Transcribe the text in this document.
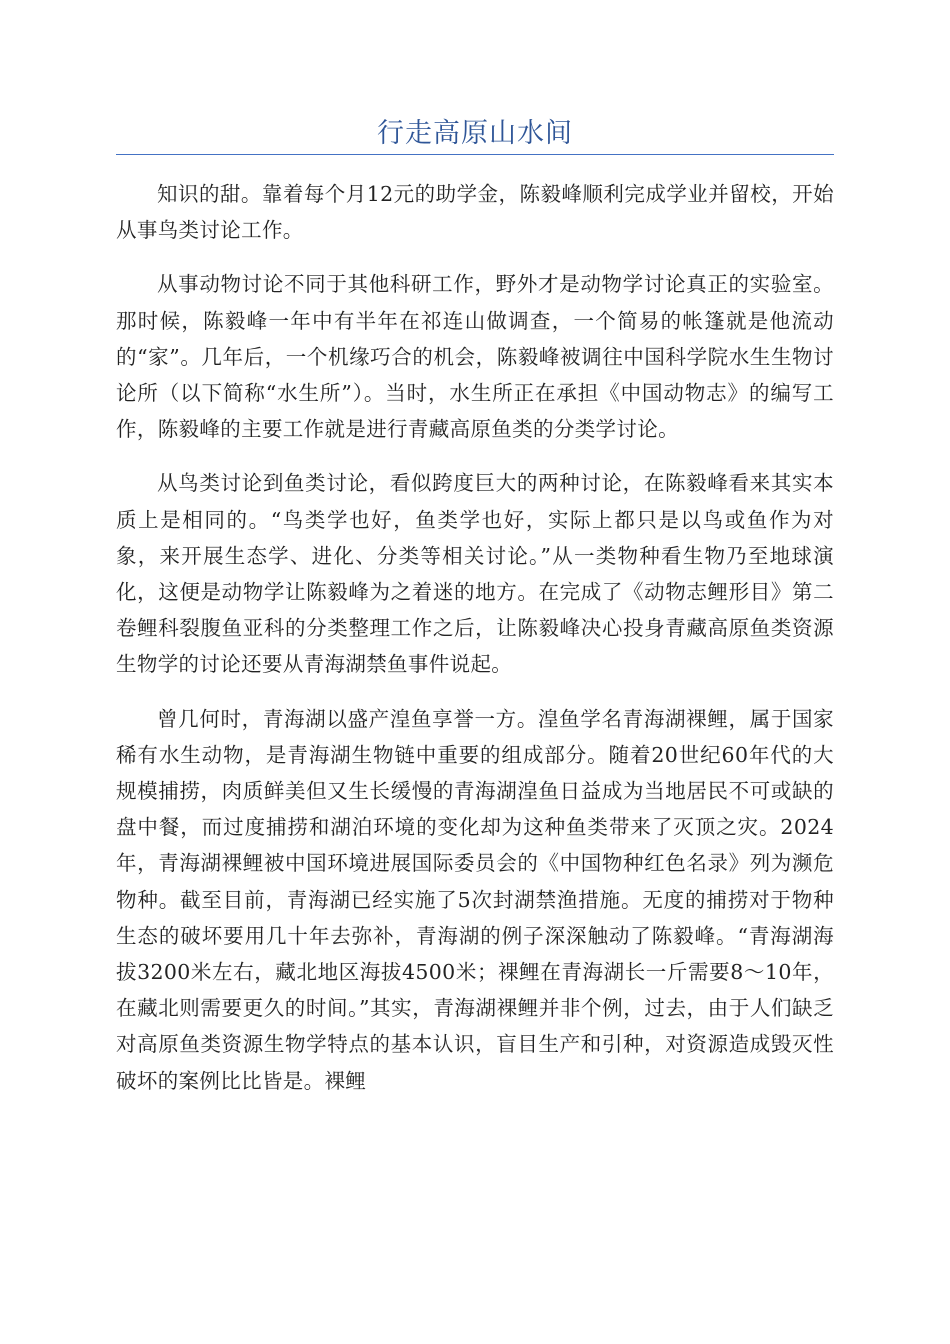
行走高原山水间

知识的甜。靠着每个月12元的助学金，陈毅峰顺利完成学业并留校，开始从事鸟类讨论工作。

从事动物讨论不同于其他科研工作，野外才是动物学讨论真正的实验室。那时候，陈毅峰一年中有半年在祁连山做调查，一个简易的帐篷就是他流动的“家”。几年后，一个机缘巧合的机会，陈毅峰被调往中国科学院水生生物讨论所（以下简称“水生所”）。当时，水生所正在承担《中国动物志》的编写工作，陈毅峰的主要工作就是进行青藏高原鱼类的分类学讨论。

从鸟类讨论到鱼类讨论，看似跨度巨大的两种讨论，在陈毅峰看来其实本质上是相同的。“鸟类学也好，鱼类学也好，实际上都只是以鸟或鱼作为对象，来开展生态学、进化、分类等相关讨论。”从一类物种看生物乃至地球演化，这便是动物学让陈毅峰为之着迷的地方。在完成了《动物志鲤形目》第二卷鲤科裂腹鱼亚科的分类整理工作之后，让陈毅峰决心投身青藏高原鱼类资源生物学的讨论还要从青海湖禁鱼事件说起。

曾几何时，青海湖以盛产湟鱼享誉一方。湟鱼学名青海湖裸鲤，属于国家稀有水生动物，是青海湖生物链中重要的组成部分。随着20世纪60年代的大规模捕捞，肉质鲜美但又生长缓慢的青海湖湟鱼日益成为当地居民不可或缺的盘中餐，而过度捕捞和湖泊环境的变化却为这种鱼类带来了灭顶之灾。2024年，青海湖裸鲤被中国环境进展国际委员会的《中国物种红色名录》列为濒危物种。截至目前，青海湖已经实施了5次封湖禁渔措施。无度的捕捞对于物种生态的破坏要用几十年去弥补，青海湖的例子深深触动了陈毅峰。“青海湖海拔3200米左右，藏北地区海拔4500米；裸鲤在青海湖长一斤需要8～10年，在藏北则需要更久的时间。”其实，青海湖裸鲤并非个例，过去，由于人们缺乏对高原鱼类资源生物学特点的基本认识，盲目生产和引种，对资源造成毁灭性破坏的案例比比皆是。裸鲤
